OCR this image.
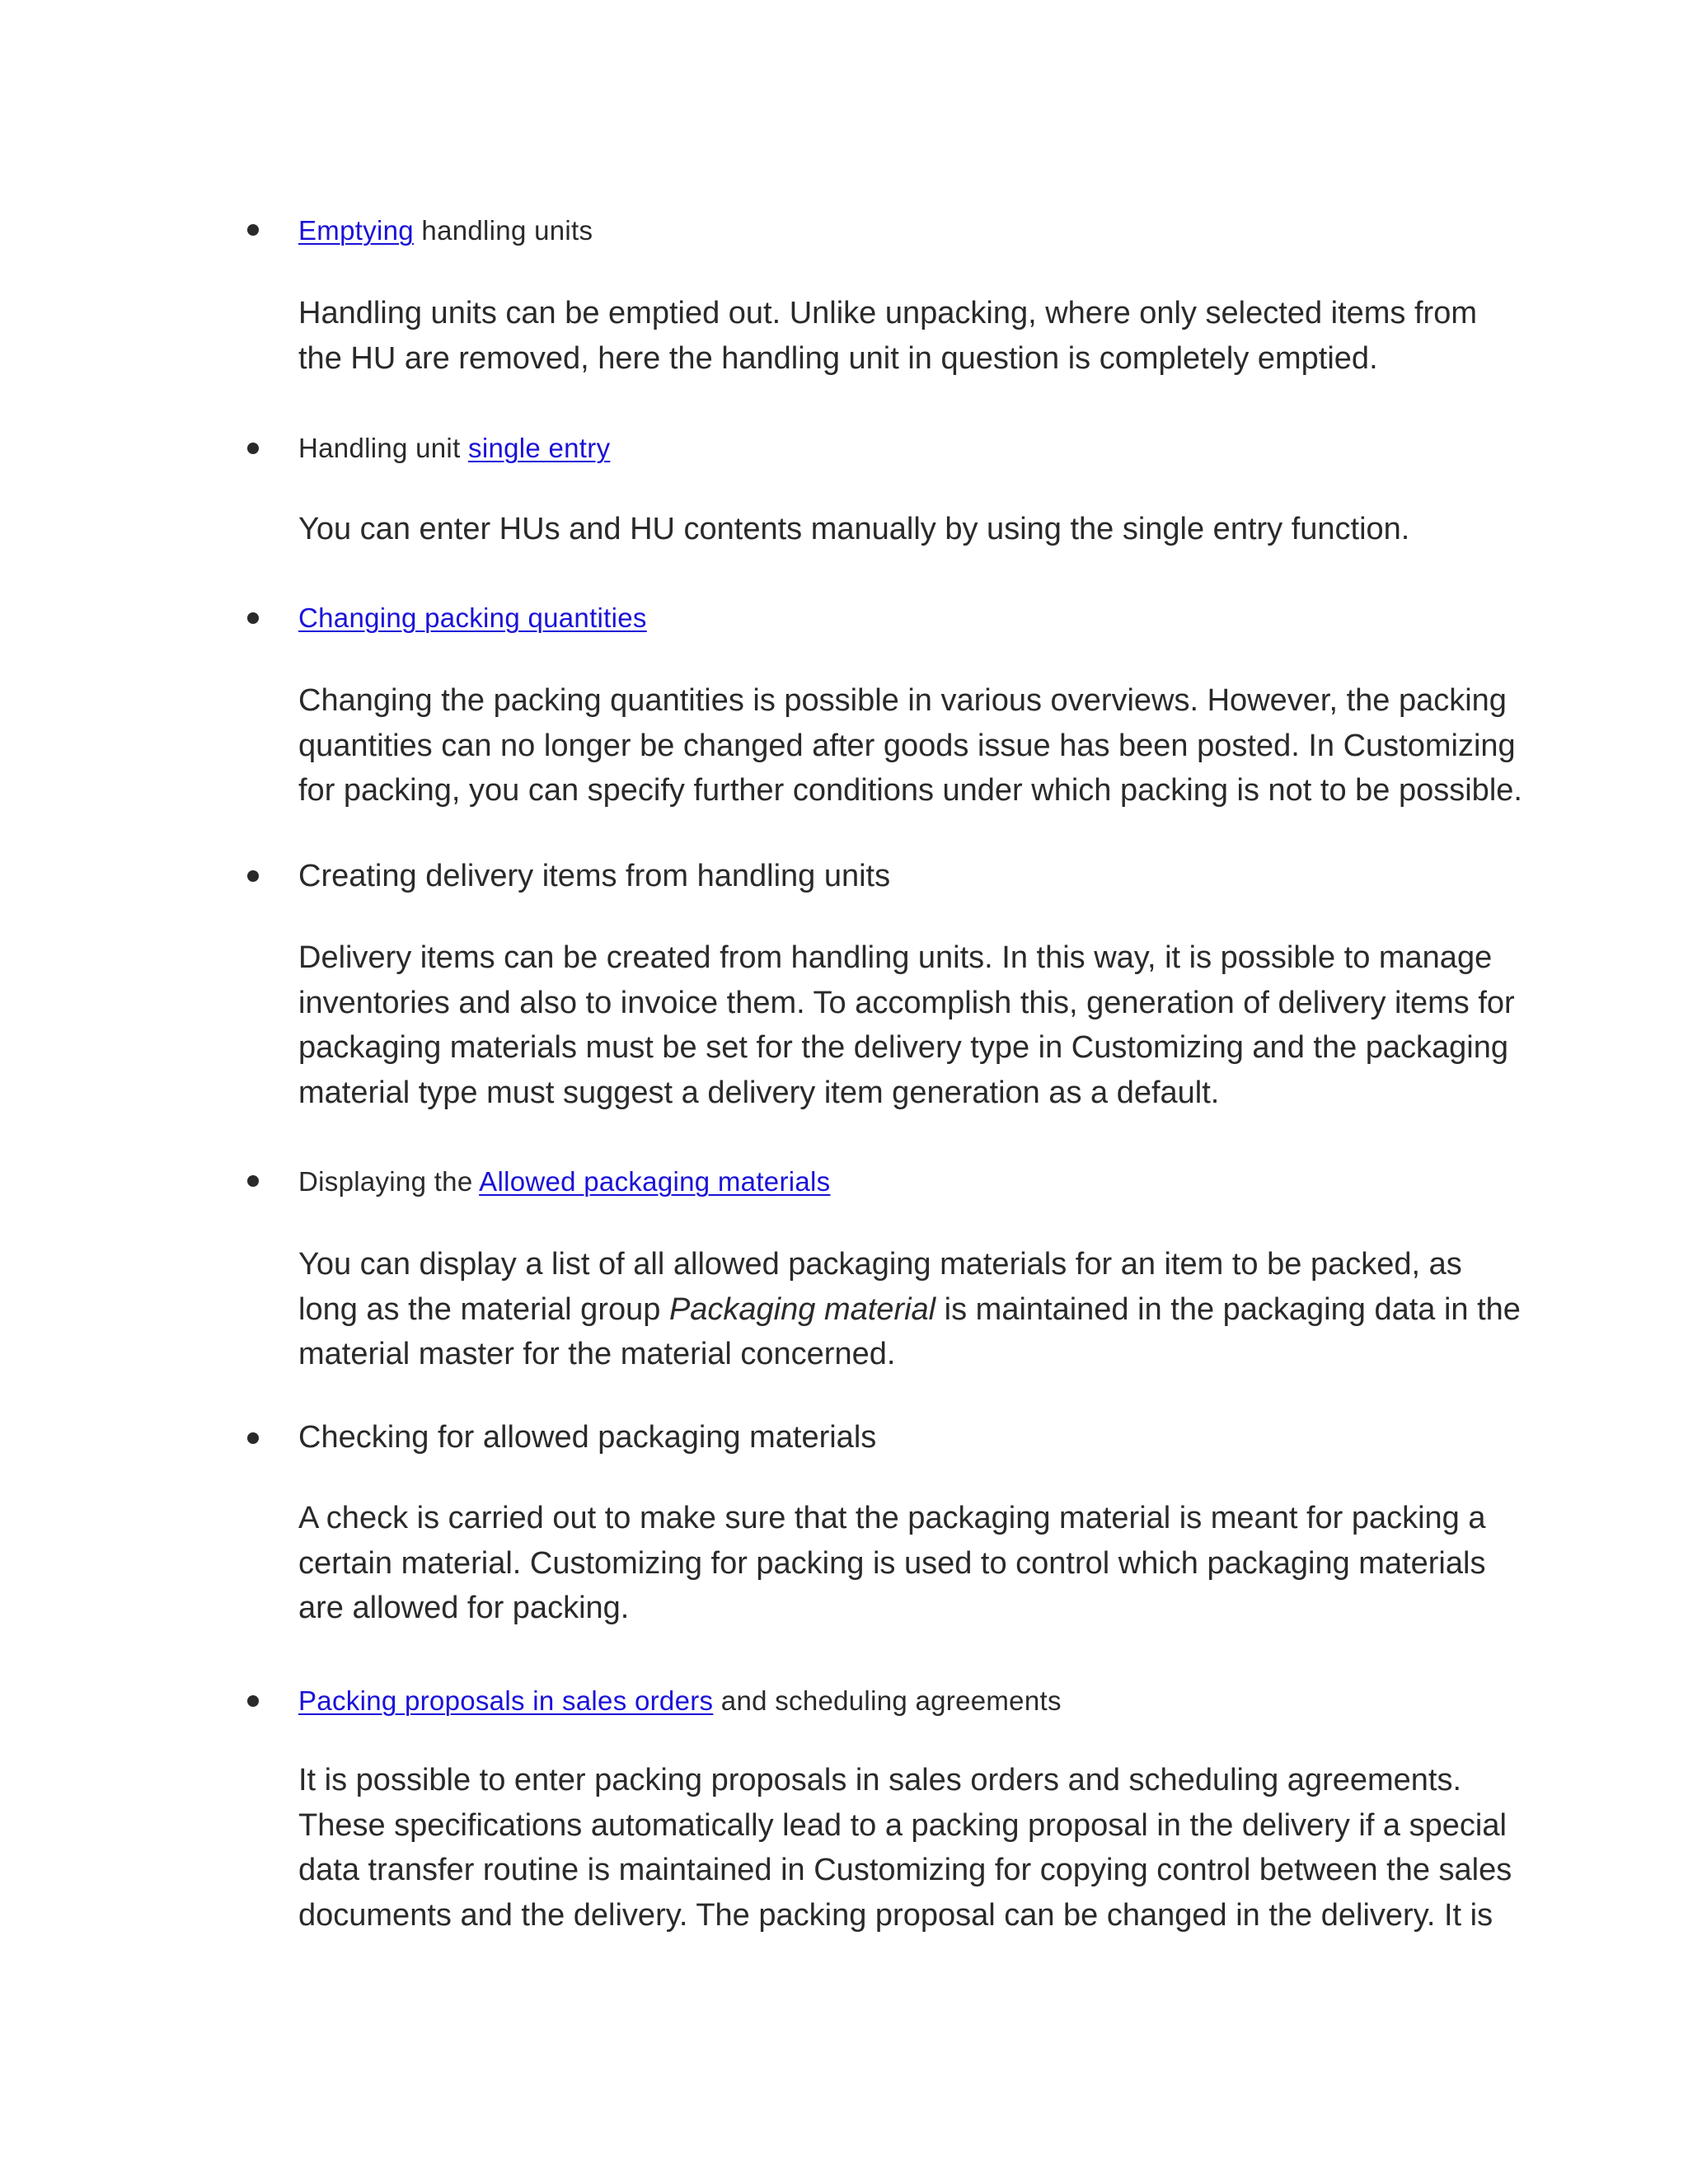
Emptying handling units

Handling units can be emptied out. Unlike unpacking, where only selected items from
the HU are removed, here the handling unit in question is completely emptied.

Handling unit single entry

You can enter HUs and HU contents manually by using the single entry function.

Changing packing quantities

Changing the packing quantities is possible in various overviews. However, the packing
quantities can no longer be changed after goods issue has been posted. In Customizing
for packing, you can specify further conditions under which packing is not to be possible.

Creating delivery items from handling units

Delivery items can be created from handling units. In this way, it is possible to manage
inventories and also to invoice them. To accomplish this, generation of delivery items for
packaging materials must be set for the delivery type in Customizing and the packaging
material type must suggest a delivery item generation as a default.

Displaying the Allowed packaging materials

You can display a list of all allowed packaging materials for an item to be packed, as
long as the material group Packaging material is maintained in the packaging data in the
material master for the material concerned.

Checking for allowed packaging materials

A check is carried out to make sure that the packaging material is meant for packing a
certain material. Customizing for packing is used to control which packaging materials
are allowed for packing.

Packing proposals in sales orders and scheduling agreements

It is possible to enter packing proposals in sales orders and scheduling agreements.
These specifications automatically lead to a packing proposal in the delivery if a special
data transfer routine is maintained in Customizing for copying control between the sales
documents and the delivery. The packing proposal can be changed in the delivery. It is
